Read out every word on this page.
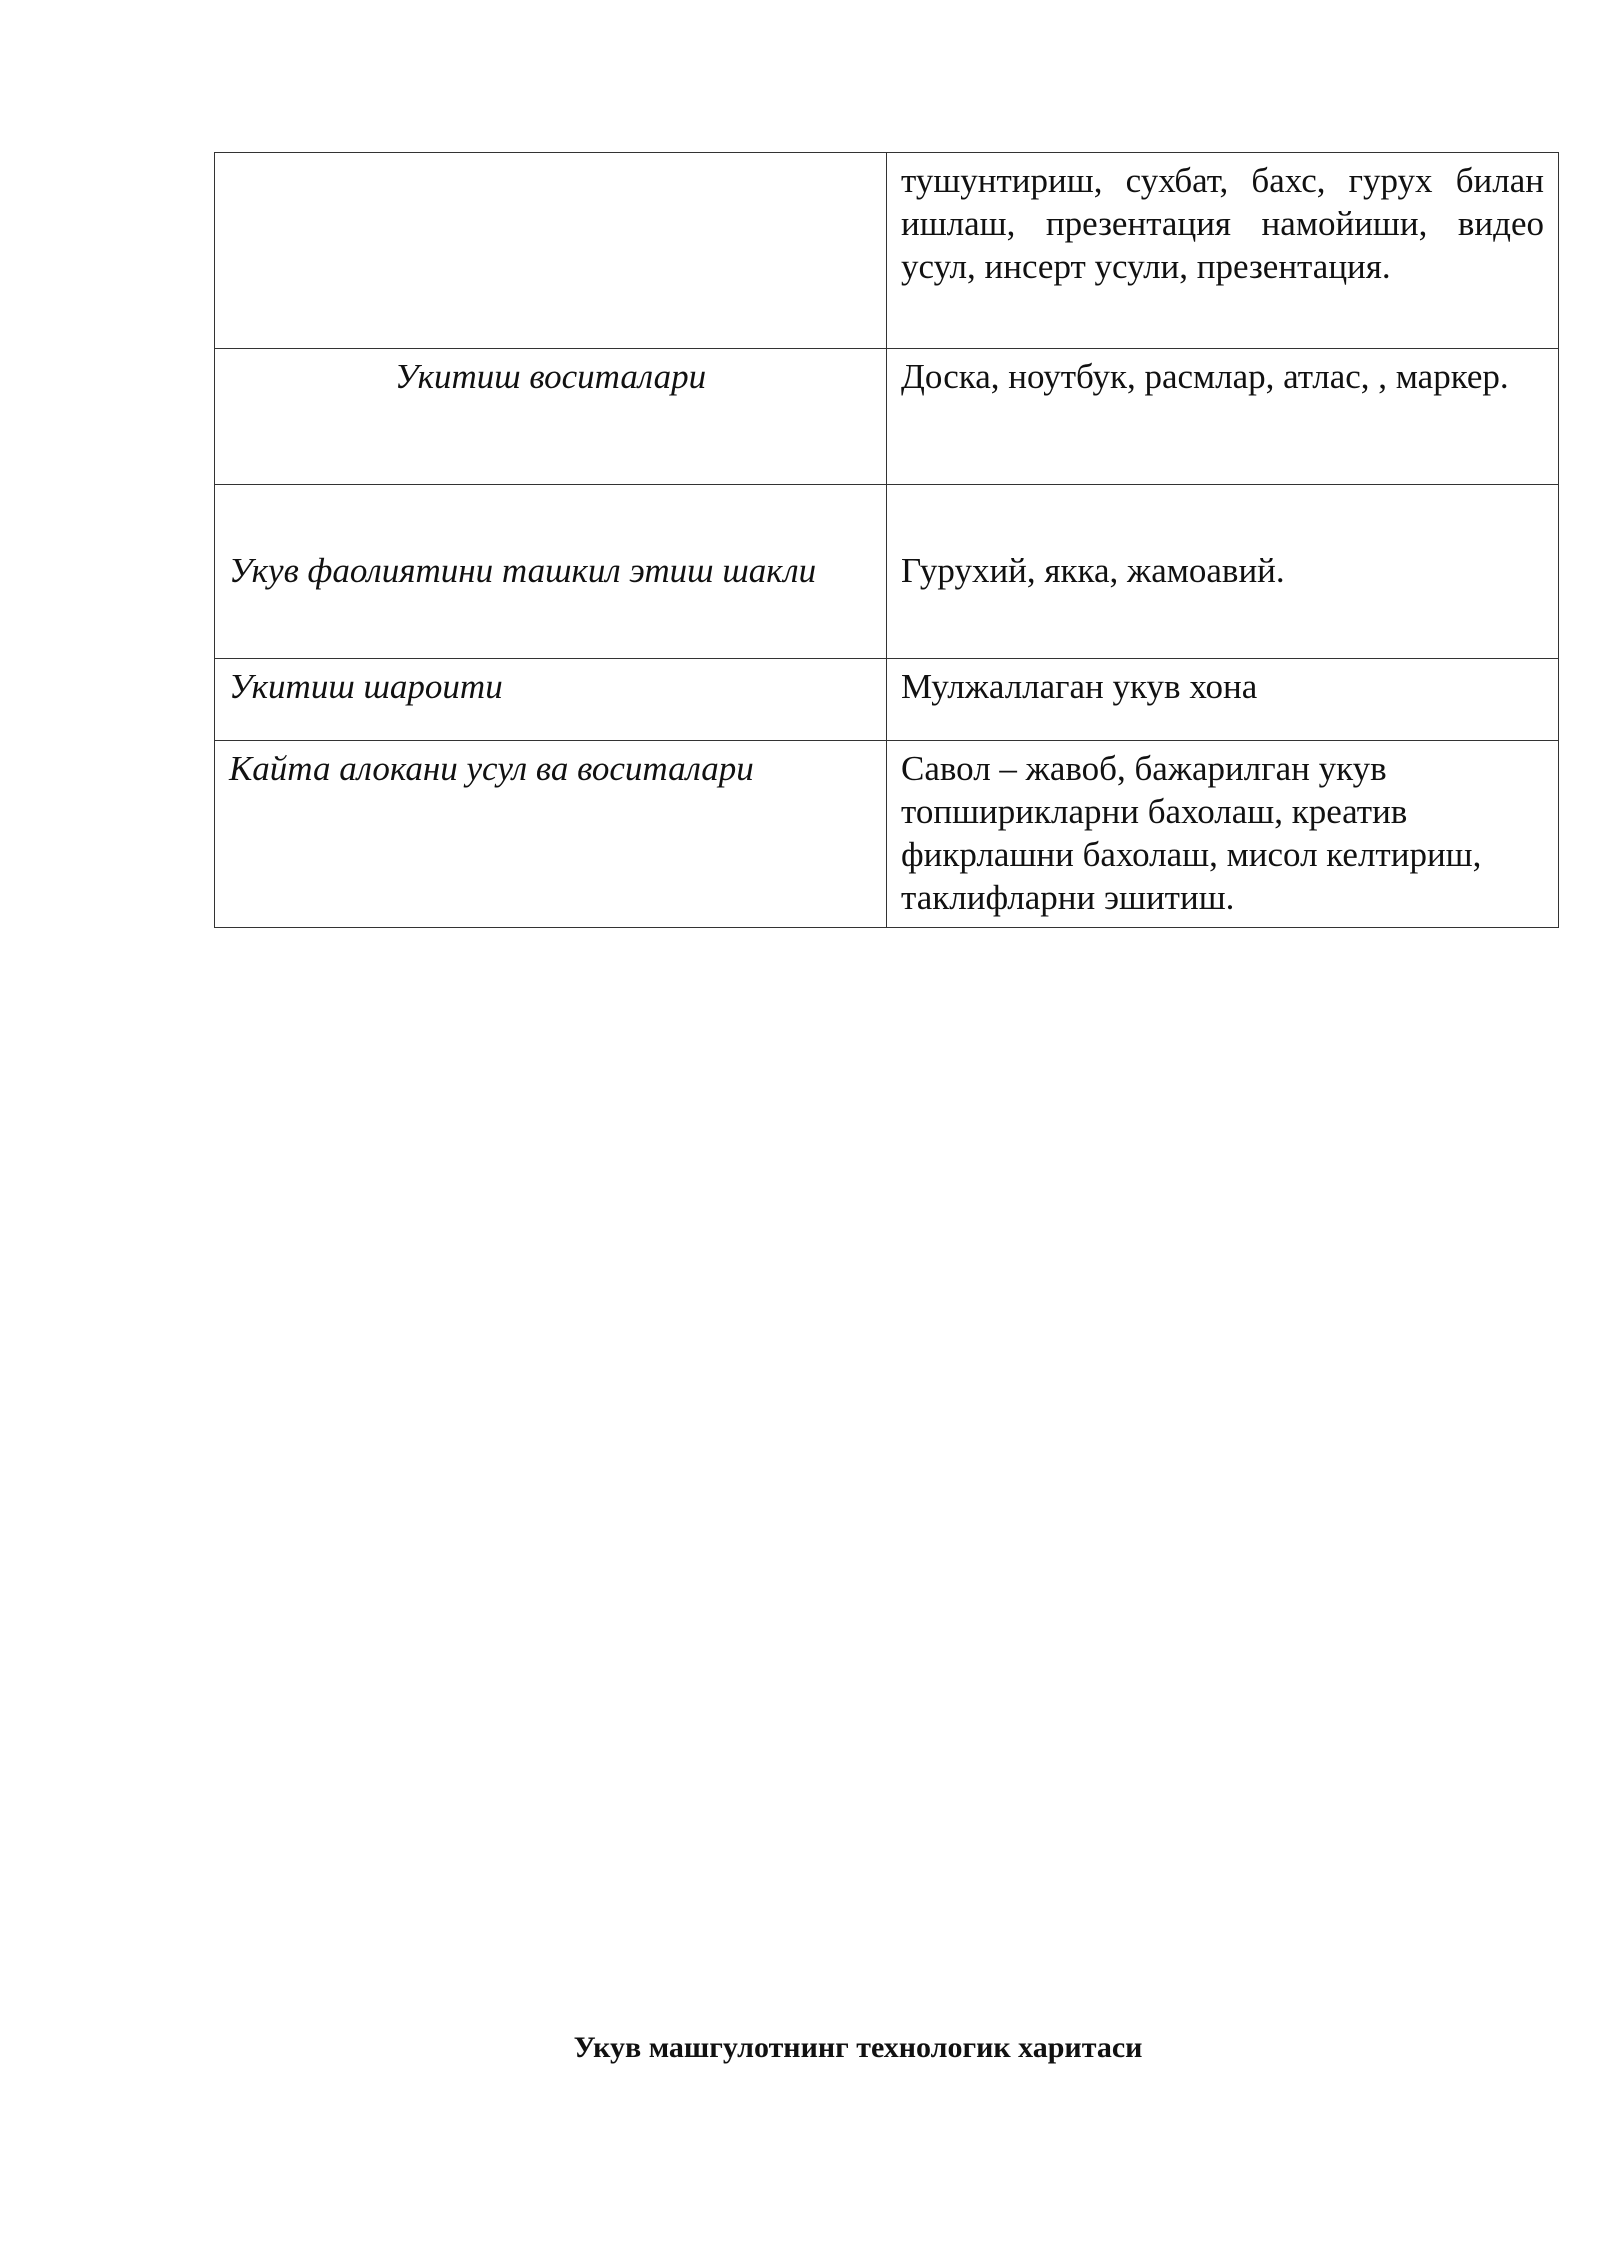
	тушунтириш, сухбат, бахс, гурух билан ишлаш, презентация намойиши, видео усул, инсерт усули, презентация.
Укитиш воситалари	Доска, ноутбук, расмлар, атлас, , маркер.
Укув фаолиятини ташкил этиш шакли	Гурухий, якка, жамоавий.
Укитиш шароити	Мулжаллаган укув хона
Кайта алокани усул ва воситалари	Савол – жавоб, бажарилган укув топширикларни бахолаш, креатив фикрлашни бахолаш, мисол келтириш, таклифларни эшитиш.
Укув машгулотнинг технологик харитаси
